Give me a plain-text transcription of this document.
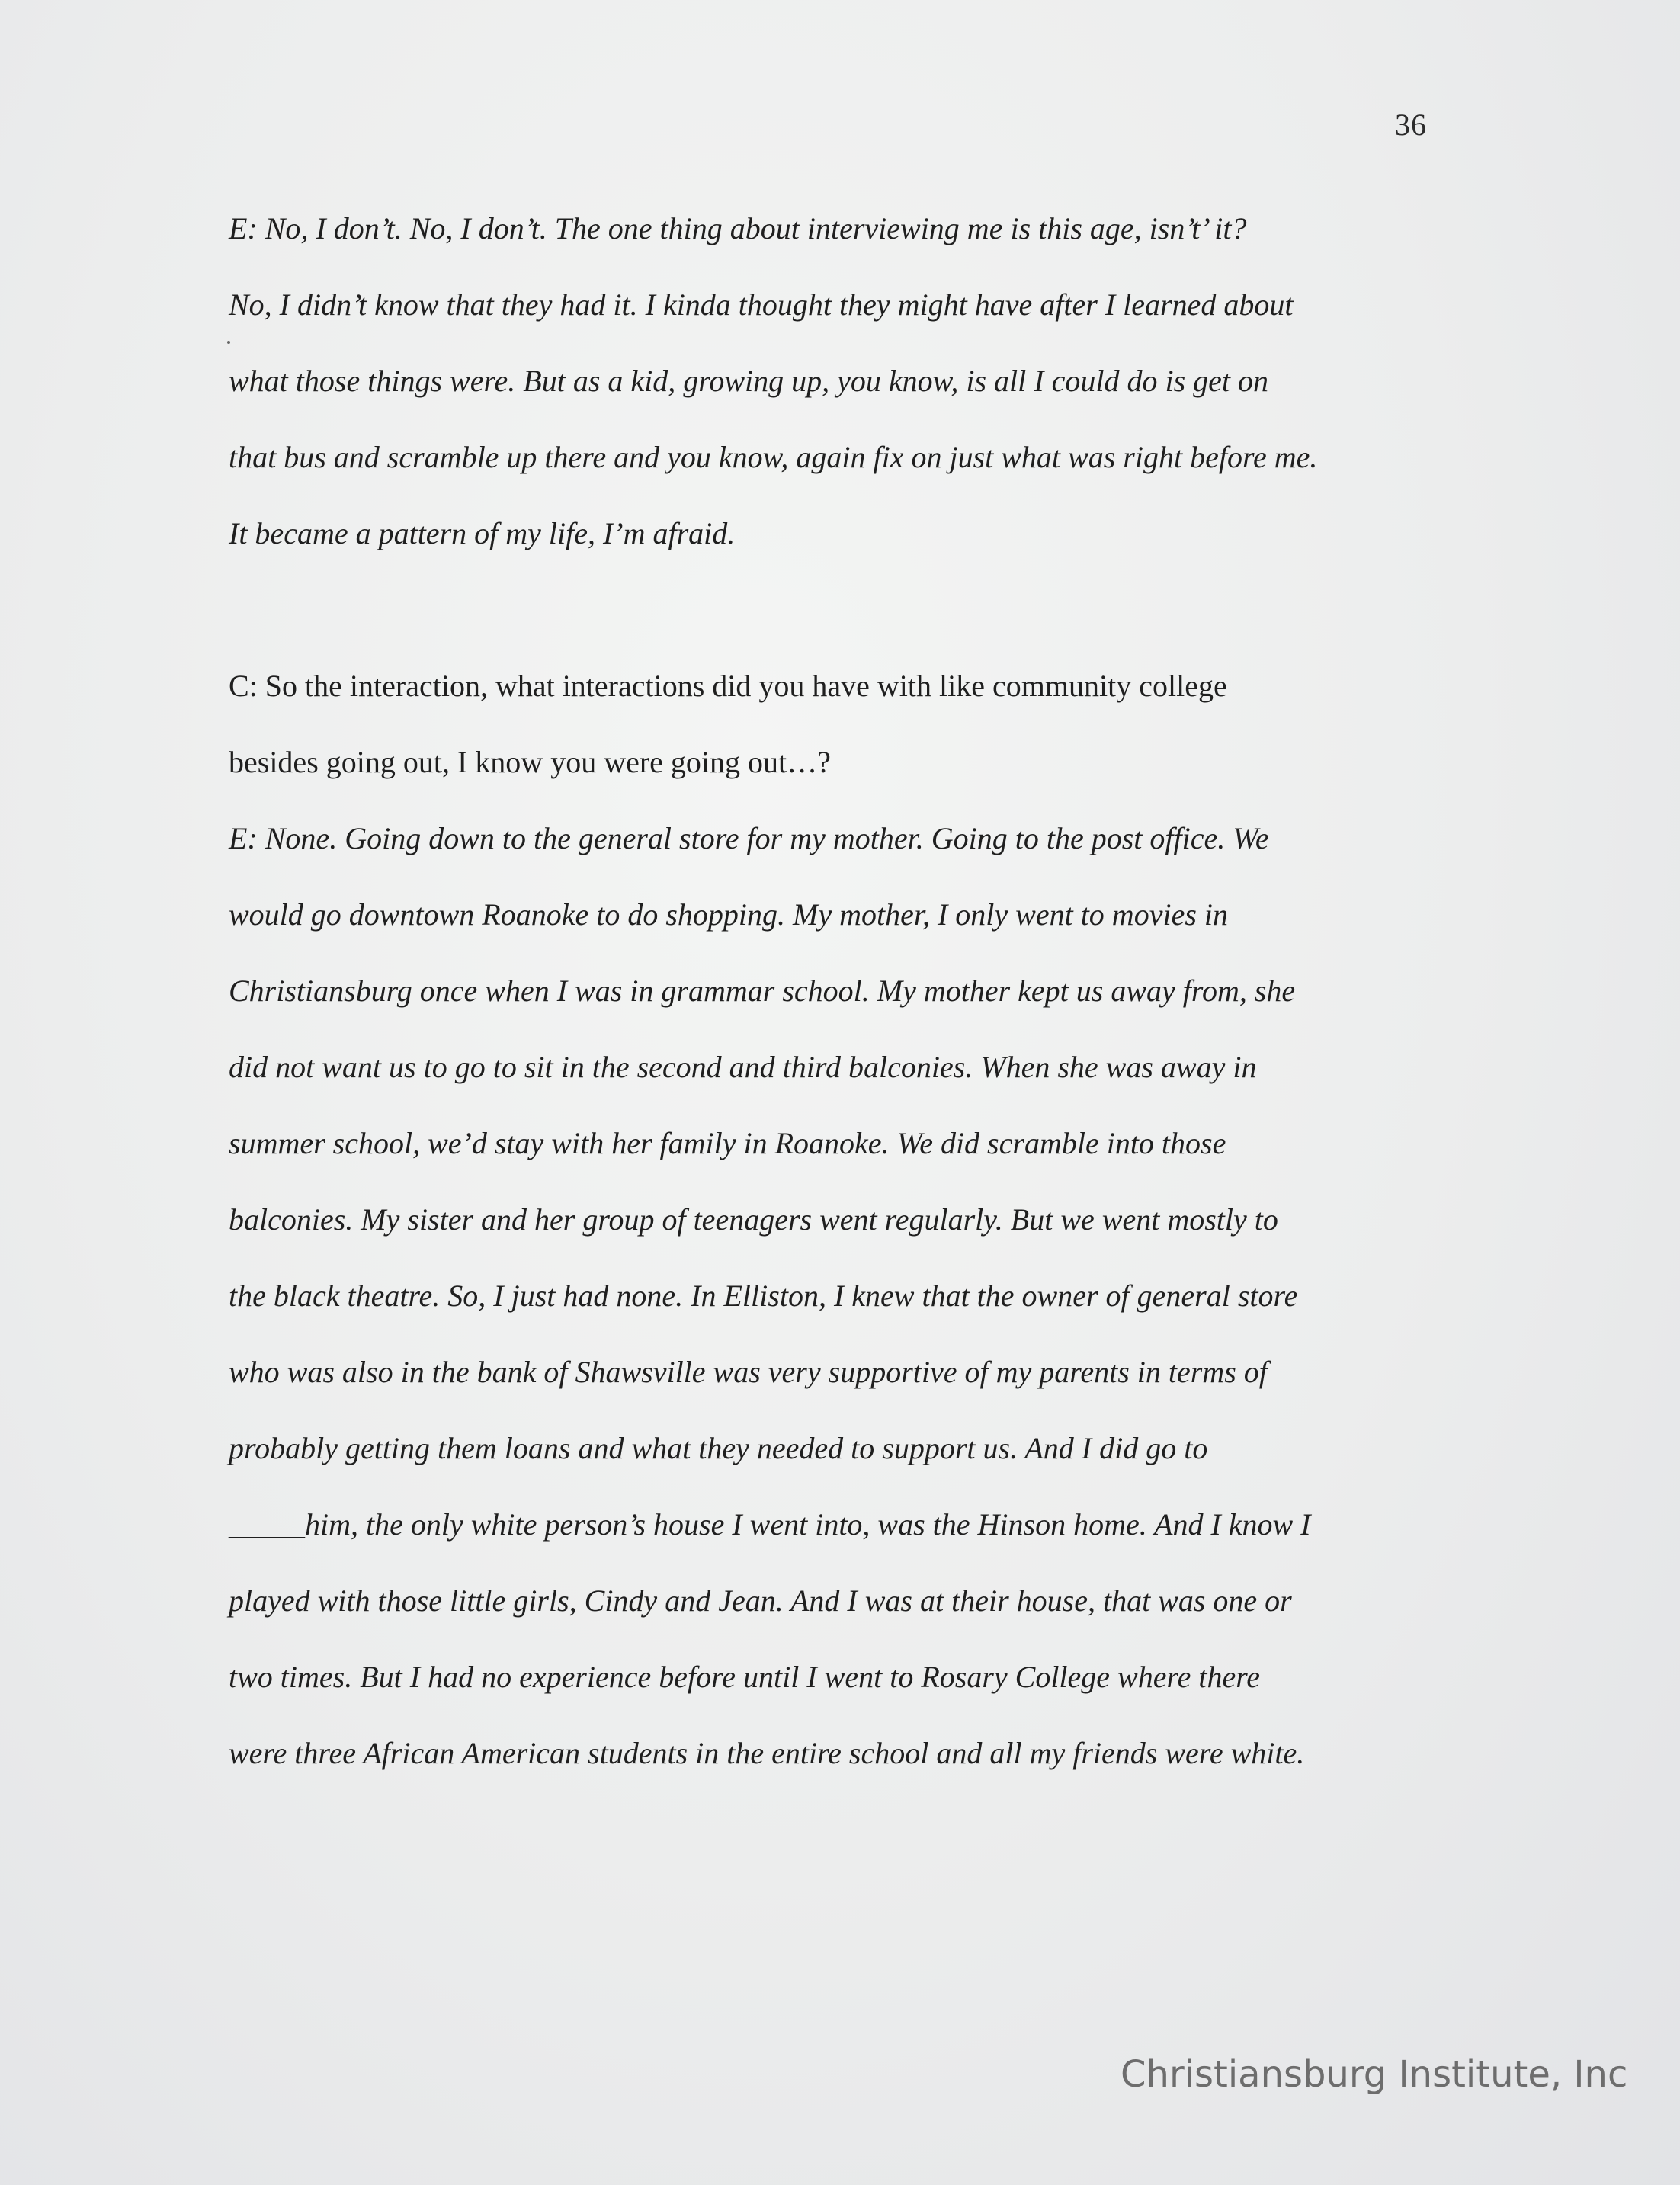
36
E: No, I don’t. No, I don’t. The one thing about interviewing me is this age, isn’t’ it?
No, I didn’t know that they had it. I kinda thought they might have after I learned about
what those things were. But as a kid, growing up, you know, is all I could do is get on
that bus and scramble up there and you know, again fix on just what was right before me.
It became a pattern of my life, I’m afraid.
C: So the interaction, what interactions did you have with like community college
besides going out, I know you were going out…?
E: None. Going down to the general store for my mother. Going to the post office. We
would go downtown Roanoke to do shopping. My mother, I only went to movies in
Christiansburg once when I was in grammar school. My mother kept us away from, she
did not want us to go to sit in the second and third balconies. When she was away in
summer school, we’d stay with her family in Roanoke. We did scramble into those
balconies. My sister and her group of teenagers went regularly. But we went mostly to
the black theatre. So, I just had none. In Elliston, I knew that the owner of general store
who was also in the bank of Shawsville was very supportive of my parents in terms of
probably getting them loans and what they needed to support us. And I did go to
_____him, the only white person’s house I went into, was the Hinson home. And I know I
played with those little girls, Cindy and Jean. And I was at their house, that was one or
two times. But I had no experience before until I went to Rosary College where there
were three African American students in the entire school and all my friends were white.
Christiansburg Institute, Inc
